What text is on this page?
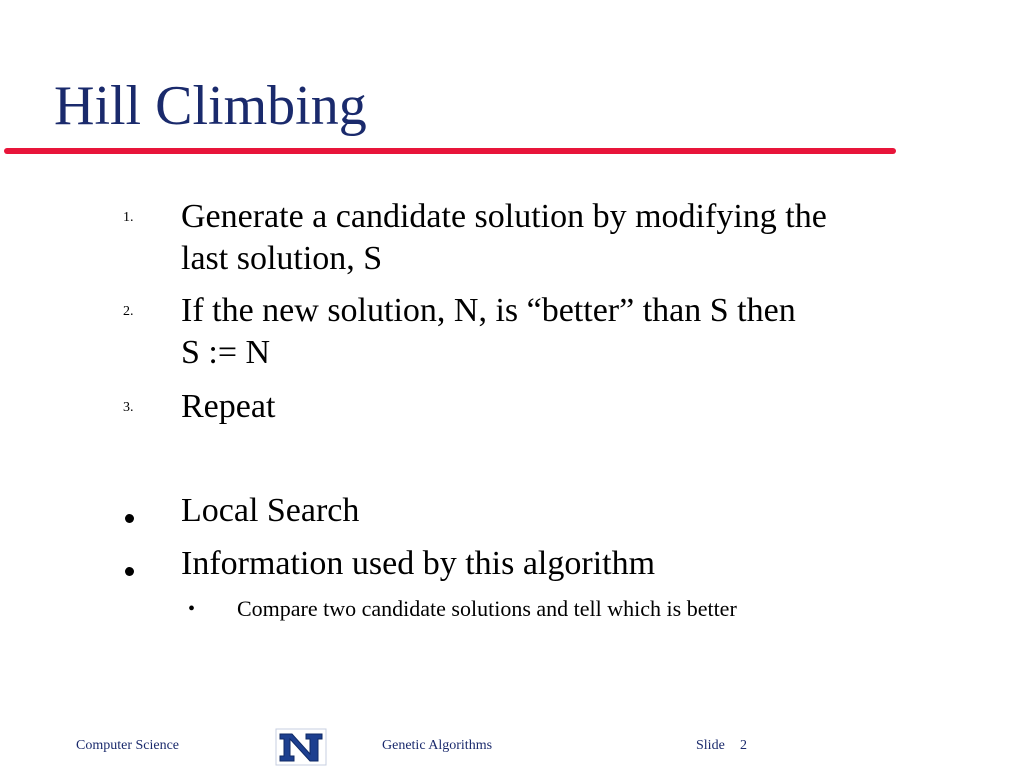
Hill Climbing
1. Generate a candidate solution by modifying the
last solution, S
2. If the new solution, N, is “better” than S then
S := N
3. Repeat
Local Search
Information used by this algorithm
• Compare two candidate solutions and tell which is better
Computer Science	Genetic Algorithms	Slide 2
